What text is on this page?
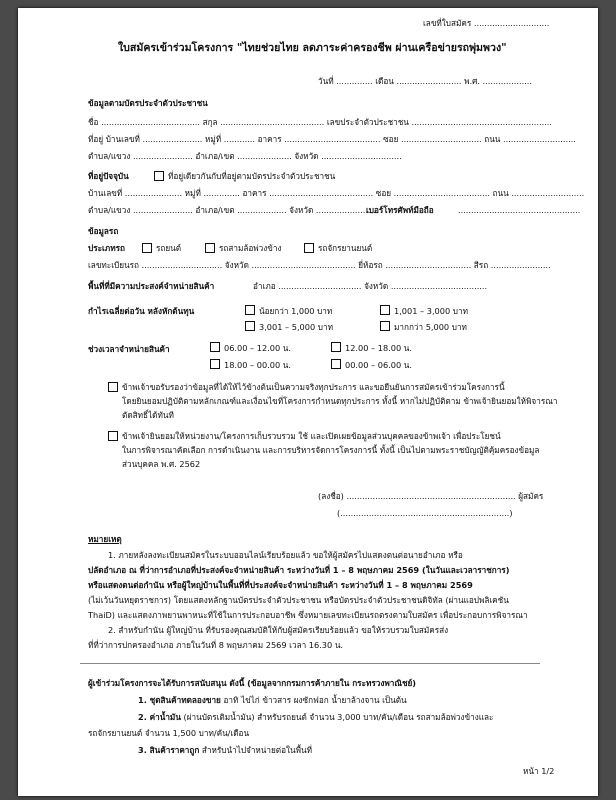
เลขที่ใบสมัคร .............................
ใบสมัครเข้าร่วมโครงการ "ไทยช่วยไทย ลดภาระค่าครองชีพ ผ่านเครือข่ายรถพุ่มพวง"
วันที่ .............. เดือน ......................... พ.ศ. ...................
ข้อมูลตามบัตรประจำตัวประชาชน
ชื่อ ...................................... สกุล ........................................ เลขประจำตัวประชาชน ......................................................
ที่อยู่ บ้านเลขที่ ....................... หมู่ที่ ............ อาคาร ..................................... ซอย ............................... ถนน ............................
ตำบล/แขวง ....................... อำเภอ/เขต ..................... จังหวัด ...............................
ที่อยู่ปัจจุบัน	ที่อยู่เดียวกันกับที่อยู่ตามบัตรประจำตัวประชาชน
บ้านเลขที่ ...................... หมู่ที่ .............. อาคาร ........................................ ซอย ..................................... ถนน ............................
ตำบล/แขวง ....................... อำเภอ/เขต ................... จังหวัด ........................
เบอร์โทรศัพท์มือถือ	...............................................
ข้อมูลรถ
ประเภทรถ	รถยนต์	รถสามล้อพ่วงข้าง	รถจักรยานยนต์
เลขทะเบียนรถ ............................... จังหวัด ........................................ ยี่ห้อรถ ................................. สีรถ .......................
พื้นที่ที่มีความประสงค์จำหน่ายสินค้า	อำเภอ ................................ จังหวัด .....................................
กำไรเฉลี่ยต่อวัน หลังหักต้นทุน	น้อยกว่า 1,000 บาท	1,001 – 3,000 บาท
3,001 – 5,000 บาท	มากกว่า 5,000 บาท
ช่วงเวลาจำหน่ายสินค้า	06.00 – 12.00 น.	12.00 – 18.00 น.
18.00 – 00.00 น.	00.00 – 06.00 น.
ข้าพเจ้าขอรับรองว่าข้อมูลที่ได้ให้ไว้ข้างต้นเป็นความจริงทุกประการ และขอยืนยันการสมัครเข้าร่วมโครงการนี้
โดยยินยอมปฏิบัติตามหลักเกณฑ์และเงื่อนไขที่โครงการกำหนดทุกประการ ทั้งนี้ หากไม่ปฏิบัติตาม ข้าพเจ้ายินยอมให้พิจารณา
ตัดสิทธิ์ได้ทันที
ข้าพเจ้ายินยอมให้หน่วยงาน/โครงการเก็บรวบรวม ใช้ และเปิดเผยข้อมูลส่วนบุคคลของข้าพเจ้า เพื่อประโยชน์
ในการพิจารณาคัดเลือก การดำเนินงาน และการบริหารจัดการโครงการนี้ ทั้งนี้ เป็นไปตามพระราชบัญญัติคุ้มครองข้อมูล
ส่วนบุคคล พ.ศ. 2562
(ลงชื่อ) ................................................................. ผู้สมัคร
(.................................................................)
หมายเหตุ
1. ภายหลังลงทะเบียนสมัครในระบบออนไลน์เรียบร้อยแล้ว ขอให้ผู้สมัครไปแสดงตนต่อนายอำเภอ หรือ
ปลัดอำเภอ ณ ที่ว่าการอำเภอที่ประสงค์จะจำหน่ายสินค้า ระหว่างวันที่ 1 – 8 พฤษภาคม 2569 (ในวันและเวลาราชการ)
หรือแสดงตนต่อกำนัน หรือผู้ใหญ่บ้านในพื้นที่ที่ประสงค์จะจำหน่ายสินค้า ระหว่างวันที่ 1 – 8 พฤษภาคม 2569
(ไม่เว้นวันหยุดราชการ) โดยแสดงหลักฐานบัตรประจำตัวประชาชน หรือบัตรประจำตัวประชาชนดิจิทัล (ผ่านแอปพลิเคชัน
ThaiD) และแสดงภาพยานพาหนะที่ใช้ในการประกอบอาชีพ ซึ่งหมายเลขทะเบียนรถตรงตามใบสมัคร เพื่อประกอบการพิจารณา
2. สำหรับกำนัน ผู้ใหญ่บ้าน ที่รับรองคุณสมบัติให้กับผู้สมัครเรียบร้อยแล้ว ขอให้รวบรวมใบสมัครส่ง
ที่ที่ว่าการปกครองอำเภอ ภายในวันที่ 8 พฤษภาคม 2569 เวลา 16.30 น.
ผู้เข้าร่วมโครงการจะได้รับการสนับสนุน ดังนี้ (ข้อมูลจากกรมการค้าภายใน กระทรวงพาณิชย์)
1. ชุดสินค้าทดลองขาย อาทิ ไข่ไก่ ข้าวสาร ผงซักฟอก น้ำยาล้างจาน เป็นต้น
2. ค่าน้ำมัน (ผ่านบัตรเติมน้ำมัน) สำหรับรถยนต์ จำนวน 3,000 บาท/คัน/เดือน รถสามล้อพ่วงข้างและ
รถจักรยานยนต์ จำนวน 1,500 บาท/คัน/เดือน
3. สินค้าราคาถูก สำหรับนำไปจำหน่ายต่อในพื้นที่
หน้า 1/2
